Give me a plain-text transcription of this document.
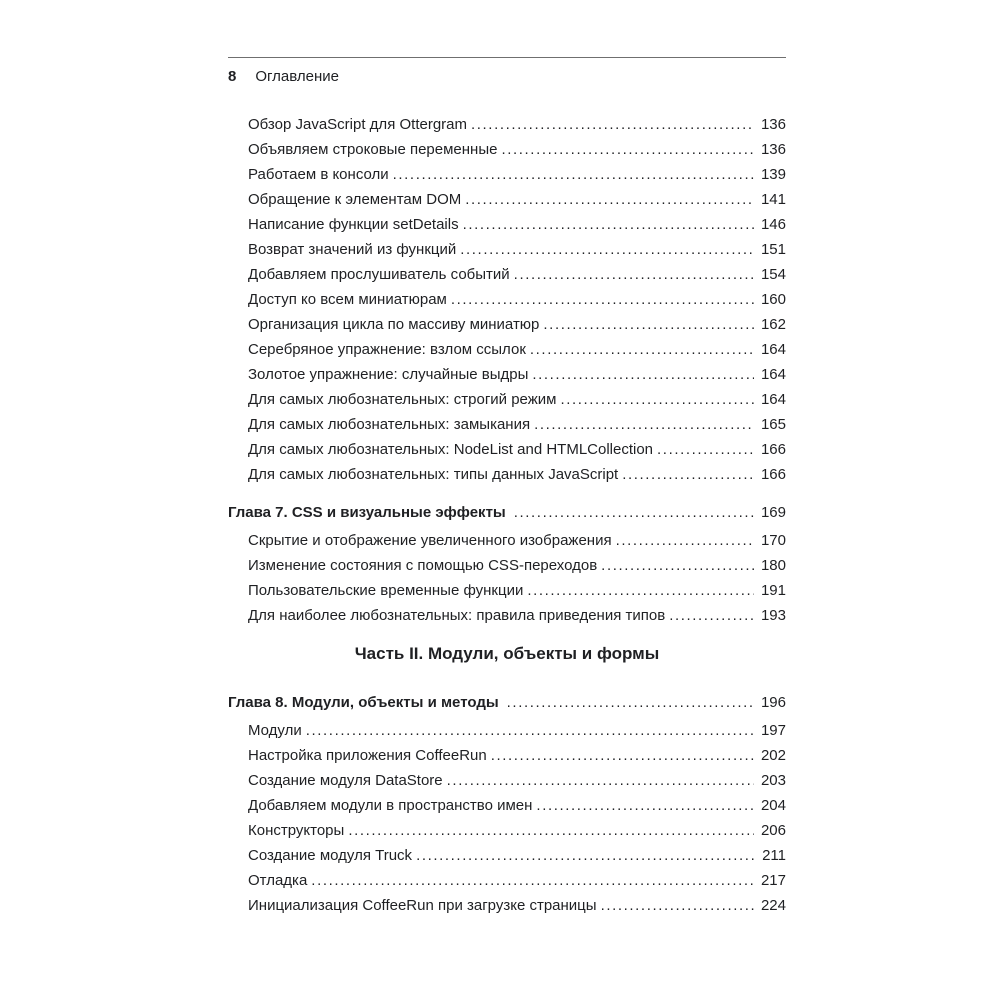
8 Оглавление
Обзор JavaScript для Ottergram .....	136
Объявляем строковые переменные .....	136
Работаем в консоли .....	139
Обращение к элементам DOM .....	141
Написание функции setDetails .....	146
Возврат значений из функций .....	151
Добавляем прослушиватель событий .....	154
Доступ ко всем миниатюрам .....	160
Организация цикла по массиву миниатюр .....	162
Серебряное упражнение: взлом ссылок .....	164
Золотое упражнение: случайные выдры .....	164
Для самых любознательных: строгий режим .....	164
Для самых любознательных: замыкания .....	165
Для самых любознательных: NodeList and HTMLCollection .....	166
Для самых любознательных: типы данных JavaScript .....	166
Глава 7. CSS и визуальные эффекты .....	169
Скрытие и отображение увеличенного изображения .....	170
Изменение состояния с помощью CSS-переходов .....	180
Пользовательские временные функции .....	191
Для наиболее любознательных: правила приведения типов .....	193
Часть II. Модули, объекты и формы
Глава 8. Модули, объекты и методы .....	196
Модули .....	197
Настройка приложения CoffeeRun .....	202
Создание модуля DataStore .....	203
Добавляем модули в пространство имен .....	204
Конструкторы .....	206
Создание модуля Truck .....	211
Отладка .....	217
Инициализация CoffeeRun при загрузке страницы .....	224
